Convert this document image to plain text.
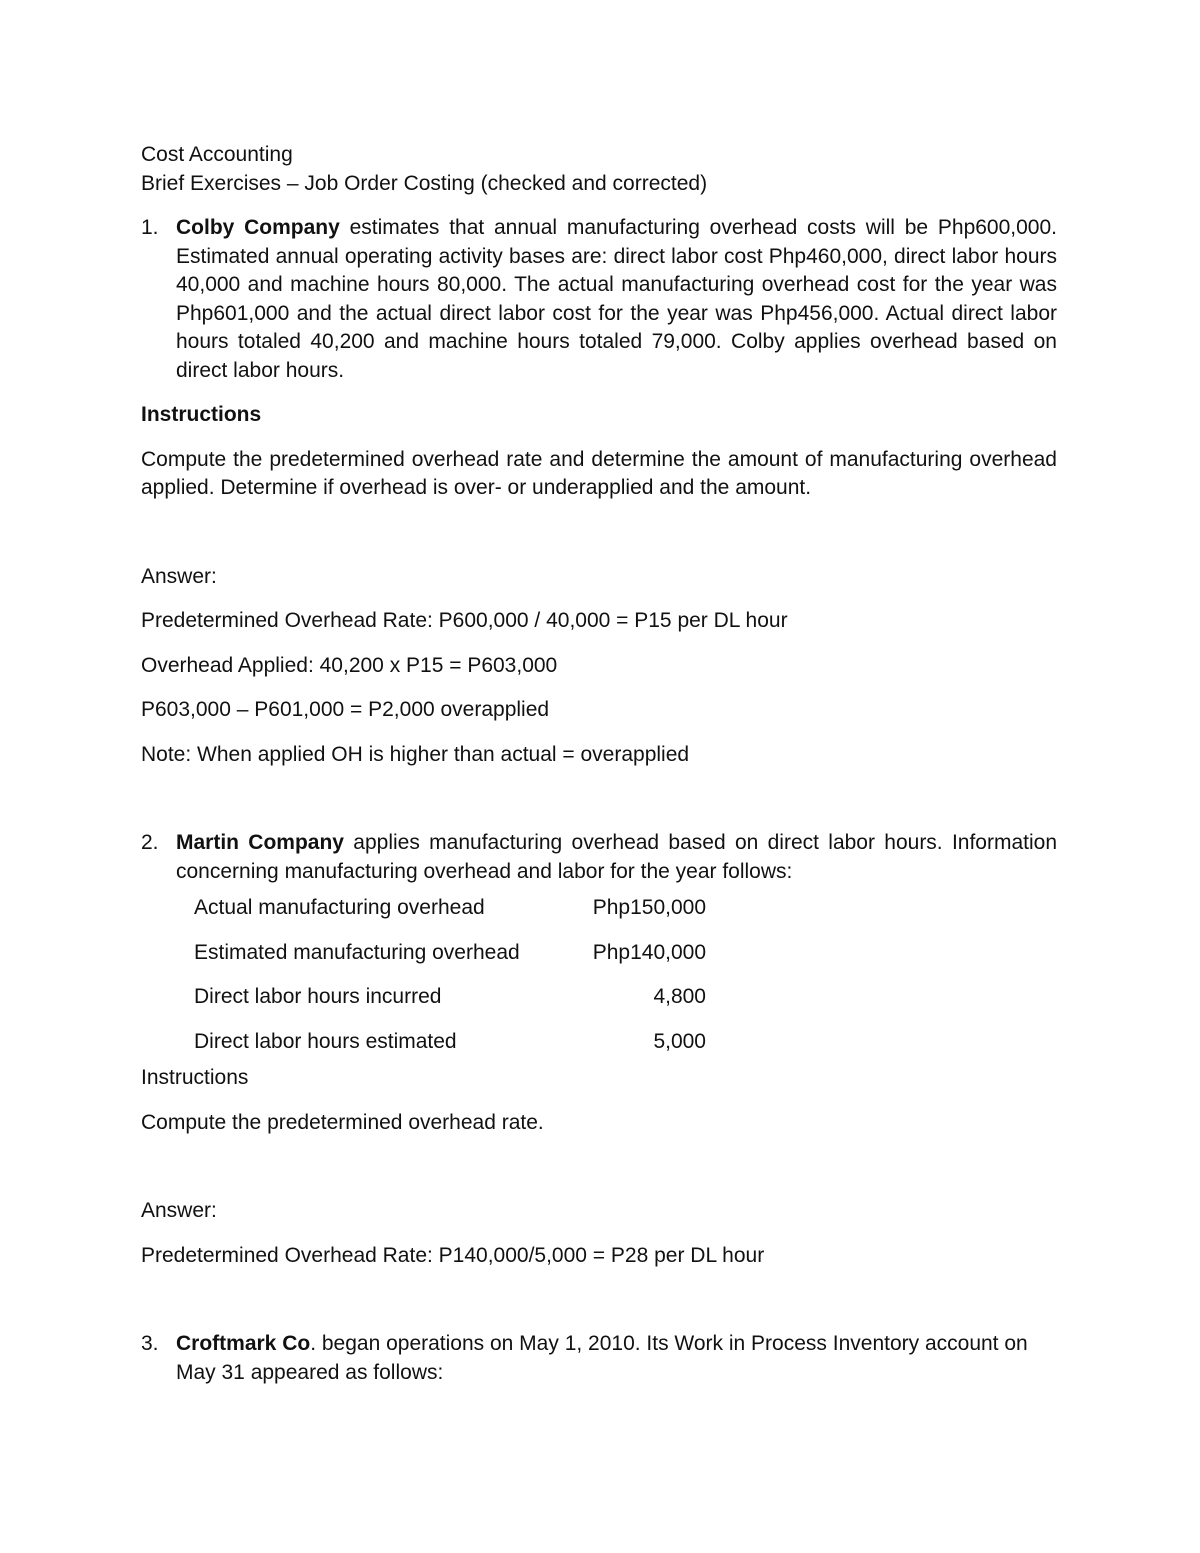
Cost Accounting

Brief Exercises – Job Order Costing (checked and corrected)

1. Colby Company estimates that annual manufacturing overhead costs will be Php600,000. Estimated annual operating activity bases are: direct labor cost Php460,000, direct labor hours 40,000 and machine hours 80,000. The actual manufacturing overhead cost for the year was Php601,000 and the actual direct labor cost for the year was Php456,000. Actual direct labor hours totaled 40,200 and machine hours totaled 79,000. Colby applies overhead based on direct labor hours.

Instructions

Compute the predetermined overhead rate and determine the amount of manufacturing overhead applied. Determine if overhead is over- or underapplied and the amount.

Answer:

Predetermined Overhead Rate: P600,000 / 40,000 = P15 per DL hour

Overhead Applied: 40,200 x P15 = P603,000

P603,000 – P601,000 = P2,000 overapplied

Note: When applied OH is higher than actual = overapplied

2. Martin Company applies manufacturing overhead based on direct labor hours. Information concerning manufacturing overhead and labor for the year follows:
Actual manufacturing overhead	Php150,000
Estimated manufacturing overhead	Php140,000
Direct labor hours incurred	4,800
Direct labor hours estimated	5,000

Instructions

Compute the predetermined overhead rate.

Answer:

Predetermined Overhead Rate: P140,000/5,000 = P28 per DL hour

3. Croftmark Co. began operations on May 1, 2010. Its Work in Process Inventory account on May 31 appeared as follows:
